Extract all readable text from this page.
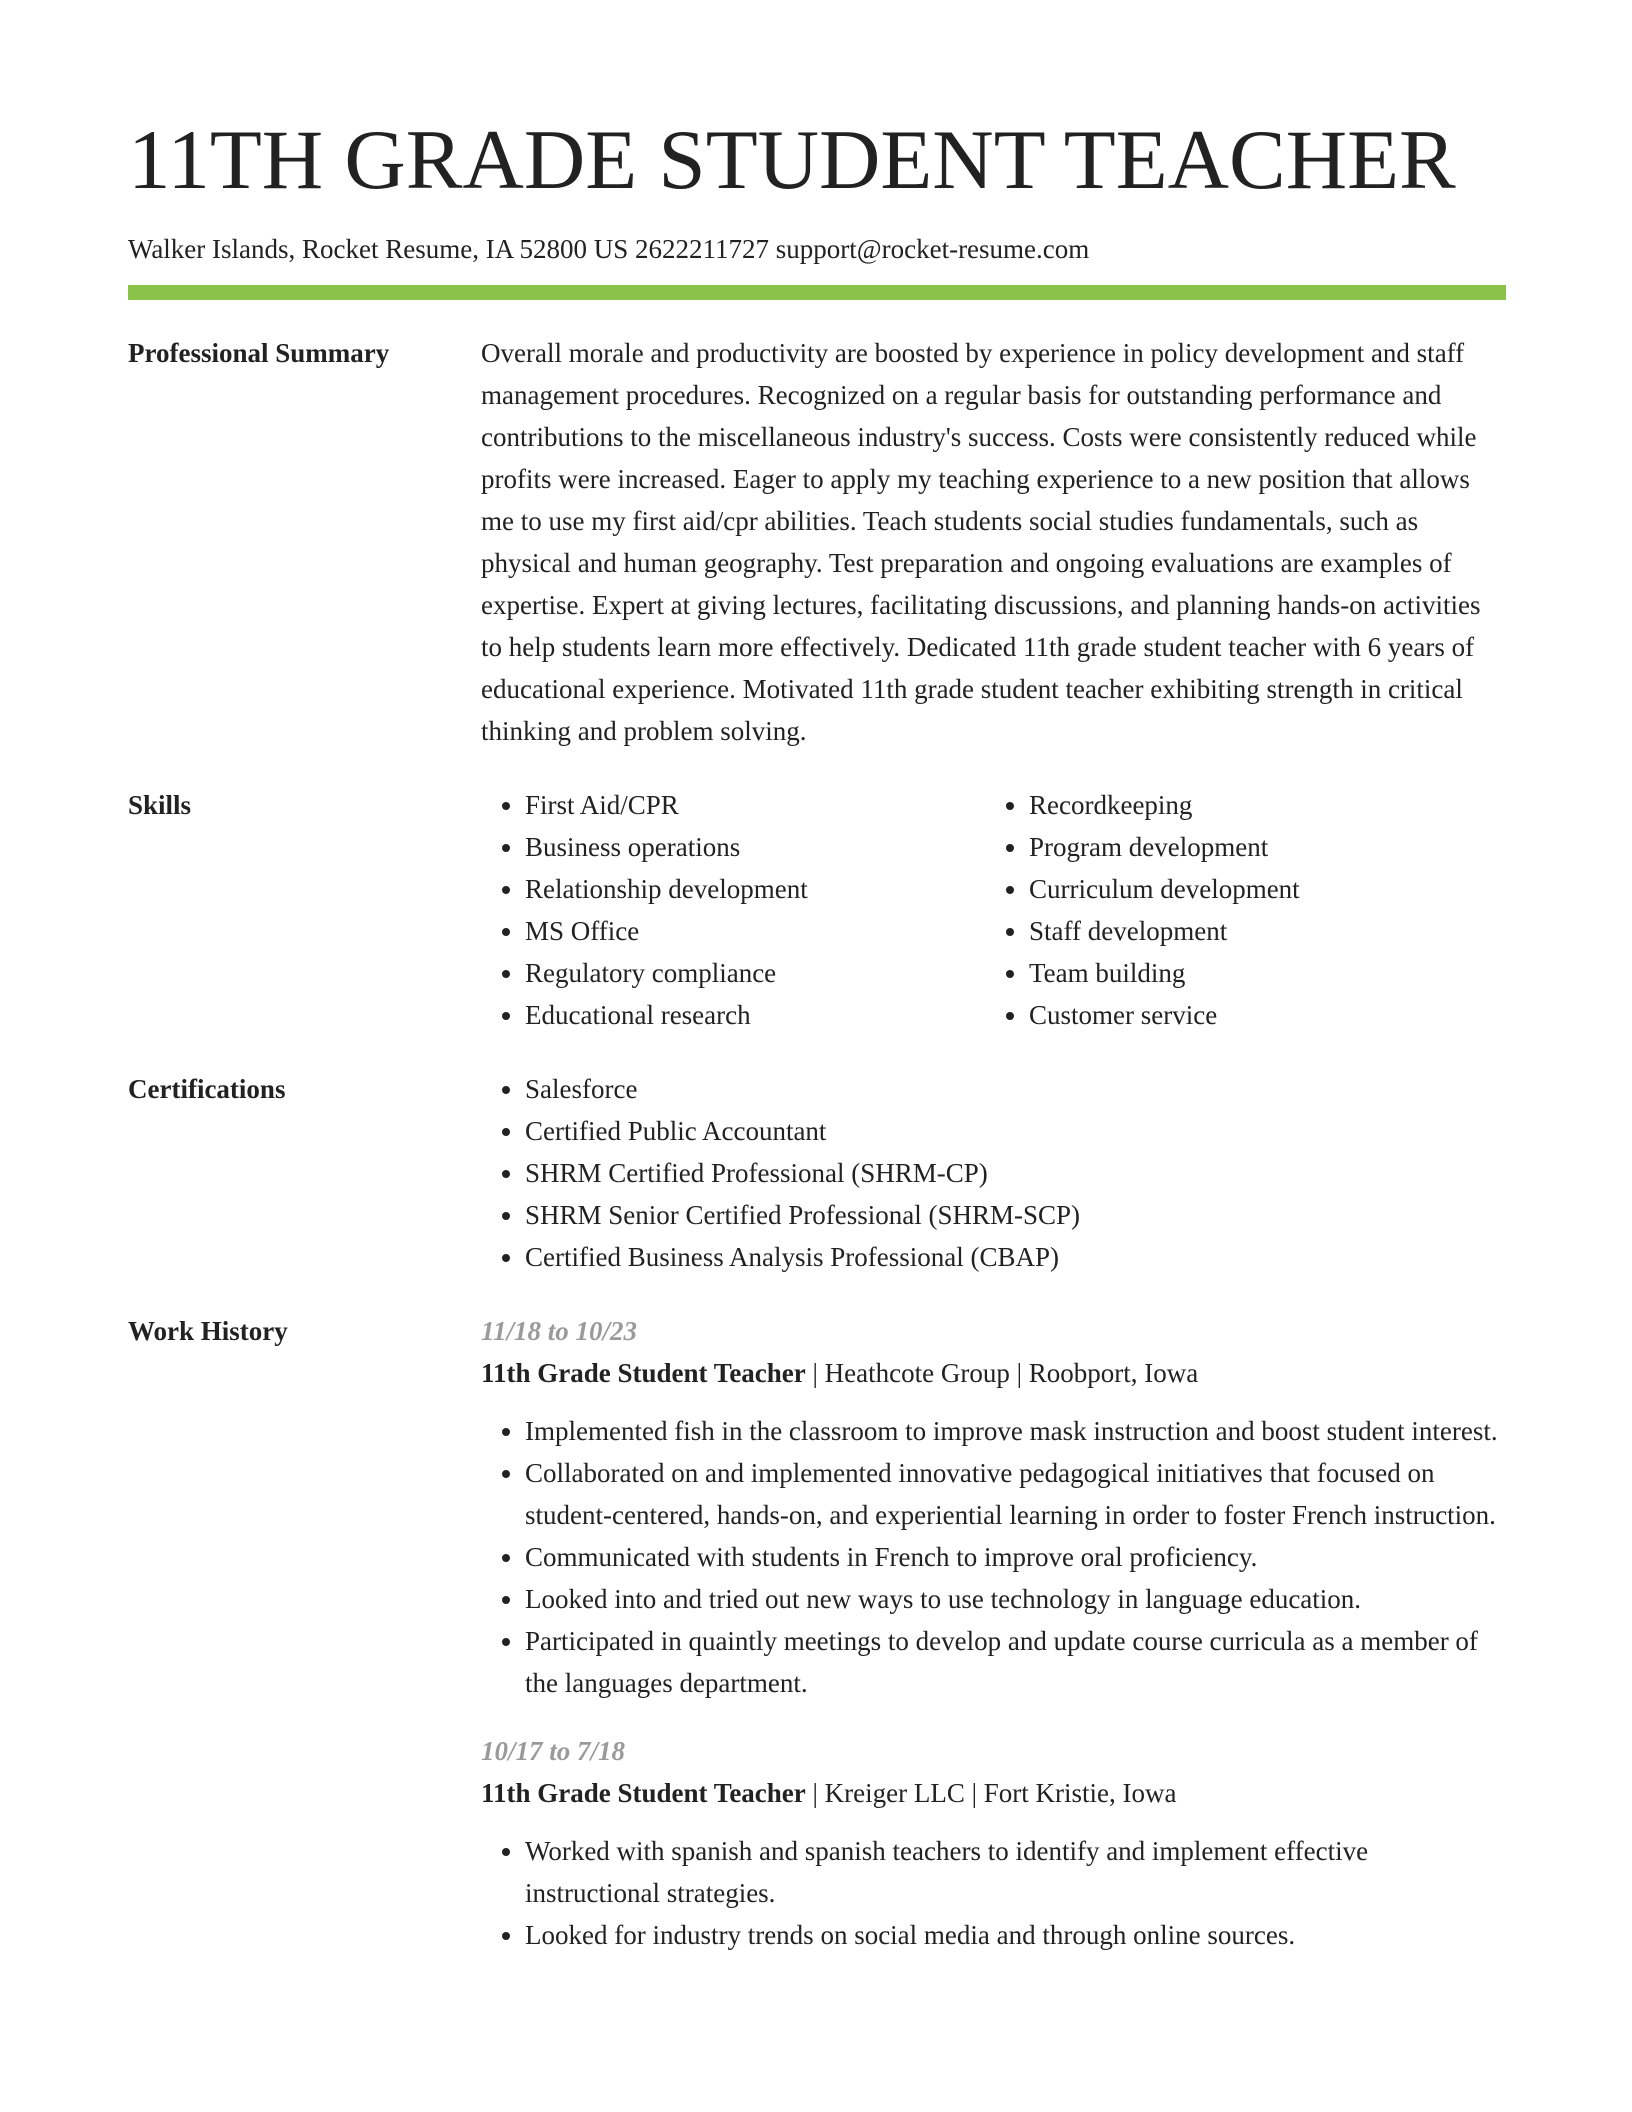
11TH GRADE STUDENT TEACHER
Walker Islands, Rocket Resume, IA 52800 US 2622211727 support@rocket-resume.com
Professional Summary	Overall morale and productivity are boosted by experience in policy development and staff management procedures. Recognized on a regular basis for outstanding performance and contributions to the miscellaneous industry's success. Costs were consistently reduced while profits were increased. Eager to apply my teaching experience to a new position that allows me to use my first aid/cpr abilities. Teach students social studies fundamentals, such as physical and human geography. Test preparation and ongoing evaluations are examples of expertise. Expert at giving lectures, facilitating discussions, and planning hands-on activities to help students learn more effectively. Dedicated 11th grade student teacher with 6 years of educational experience. Motivated 11th grade student teacher exhibiting strength in critical thinking and problem solving.
Skills	• First Aid/CPR
• Business operations
• Relationship development
• MS Office
• Regulatory compliance
• Educational research
• Recordkeeping
• Program development
• Curriculum development
• Staff development
• Team building
• Customer service
Certifications	• Salesforce
• Certified Public Accountant
• SHRM Certified Professional (SHRM-CP)
• SHRM Senior Certified Professional (SHRM-SCP)
• Certified Business Analysis Professional (CBAP)
Work History	11/18 to 10/23
11th Grade Student Teacher | Heathcote Group | Roobport, Iowa
• Implemented fish in the classroom to improve mask instruction and boost student interest.
• Collaborated on and implemented innovative pedagogical initiatives that focused on student-centered, hands-on, and experiential learning in order to foster French instruction.
• Communicated with students in French to improve oral proficiency.
• Looked into and tried out new ways to use technology in language education.
• Participated in quaintly meetings to develop and update course curricula as a member of the languages department.
10/17 to 7/18
11th Grade Student Teacher | Kreiger LLC | Fort Kristie, Iowa
• Worked with spanish and spanish teachers to identify and implement effective instructional strategies.
• Looked for industry trends on social media and through online sources.
